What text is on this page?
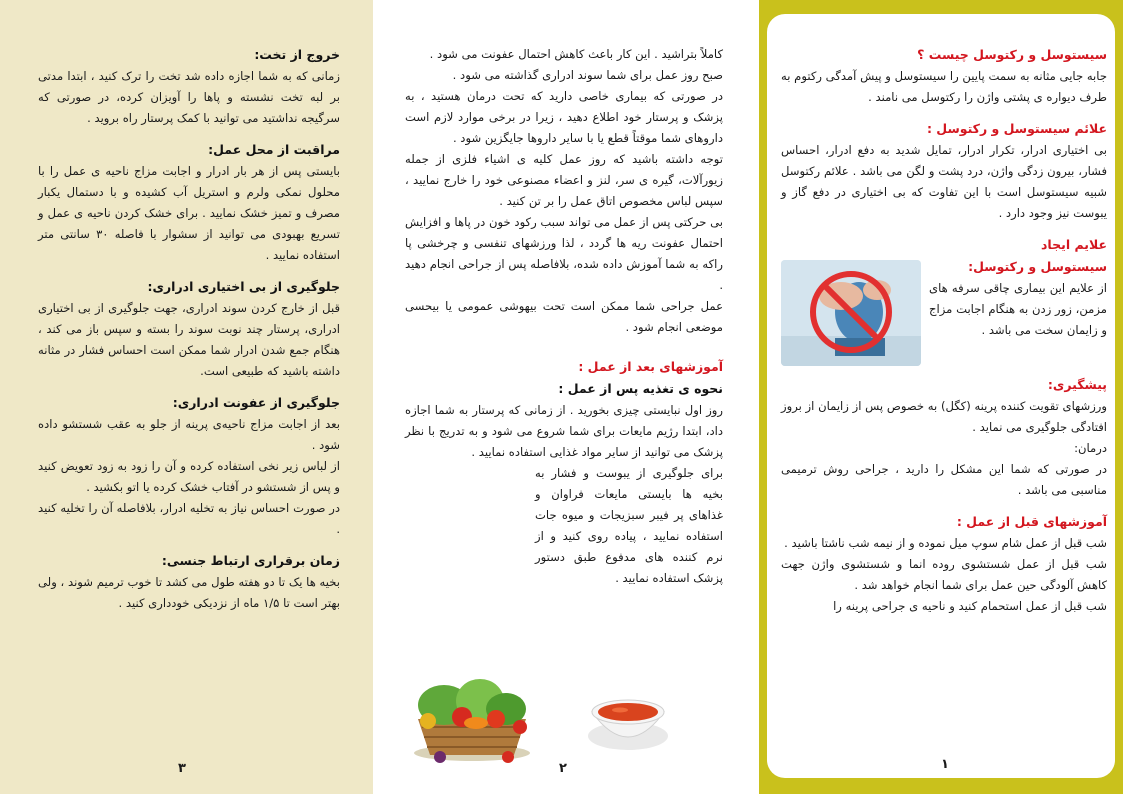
خروج از تخت:

زمانی که به شما اجازه داده شد تخت را ترک کنید ، ابتدا مدتی بر لبه تخت نشسته و پاها را آویزان کرده، در صورتی که سرگیجه نداشتید می توانید با کمک پرستار راه بروید .

مراقبت از محل عمل:

بایستی پس از هر بار ادرار و اجابت مزاج ناحیه ی عمل را با محلول نمکی ولرم و استریل آب کشیده و با دستمال یکبار مصرف و تمیز خشک نمایید . برای خشک کردن ناحیه ی عمل و تسریع بهبودی می توانید از سشوار با فاصله ۳۰ سانتی متر استفاده نمایید .

جلوگیری از بی اختیاری ادراری:

قبل از خارج کردن سوند ادراری، جهت جلوگیری از بی اختیاری ادراری، پرستار چند نوبت سوند را بسته و سپس باز می کند ، هنگام جمع شدن ادرار شما ممکن است احساس فشار در مثانه داشته باشید که طبیعی است.

جلوگیری از عفونت ادراری:

بعد از اجابت مزاج ناحیه‌ی پرینه از جلو به عقب شستشو داده شود .

از لباس زیر نخی استفاده کرده و آن را زود به زود تعویض کنید و پس از شستشو در آفتاب خشک کرده یا اتو بکشید .

در صورت احساس نیاز به تخلیه ادرار، بلافاصله آن را تخلیه کنید .

زمان برقراری ارتباط جنسی:

بخیه ها یک تا دو هفته طول می کشد تا خوب ترمیم شوند ، ولی بهتر است تا ۱/۵ ماه از نزدیکی خودداری کنید .

۳

کاملاً بتراشید . این کار باعث کاهش احتمال عفونت می شود .

صبح روز عمل برای شما سوند ادراری گذاشته می شود .

در صورتی که بیماری خاصی دارید که تحت درمان هستید ، به پزشک و پرستار خود اطلاع دهید ، زیرا در برخی موارد لازم است داروهای شما موقتاً قطع یا با سایر داروها جایگزین شود .

توجه داشته باشید که روز عمل کلیه ی اشیاء فلزی از جمله زیورآلات، گیره ی سر، لنز و اعضاء مصنوعی خود را خارج نمایید ، سپس لباس مخصوص اتاق عمل را بر تن کنید .

بی حرکتی پس از عمل می تواند سبب رکود خون در پاها و افزایش احتمال عفونت ریه ها گردد ، لذا ورزشهای تنفسی و چرخشی پا راکه به شما آموزش داده شده، بلافاصله پس از جراحی انجام دهید .

عمل جراحی شما ممکن است تحت بیهوشی عمومی یا بیحسی موضعی انجام شود .

آموزشهای بعد از عمل :
نحوه ی تغذیه پس از عمل :

روز اول نبایستی چیزی بخورید . از زمانی که پرستار به شما اجازه داد، ابتدا رژیم مایعات برای شما شروع می شود و به تدریج با نظر پزشک می توانید از سایر مواد غذایی استفاده نمایید .

برای جلوگیری از یبوست و فشار به بخیه ها بایستی مایعات فراوان و غذاهای پر فیبر سبزیجات و میوه جات استفاده نمایید ، پیاده روی کنید و از نرم کننده های مدفوع طبق دستور پزشک استفاده نمایید .

۲
سیستوسل و رکتوسل چیست ؟

جابه جایی مثانه به سمت پایین را سیستوسل و پیش آمدگی رکتوم به طرف دیواره ی پشتی واژن را رکتوسل می نامند .

علائم سیستوسل و رکتوسل :

بی اختیاری ادرار، تکرار ادرار، تمایل شدید به دفع ادرار، احساس فشار، بیرون زدگی واژن، درد پشت و لگن می باشد . علائم رکتوسل شبیه سیستوسل است با این تفاوت که بی اختیاری در دفع گاز و یبوست نیز وجود دارد .

علایم ایجاد
سیستوسل و رکتوسل:

از علایم این بیماری چاقی سرفه های مزمن، زور زدن به هنگام اجابت مزاج و زایمان سخت می باشد .

پیشگیری:

ورزشهای تقویت کننده پرینه (کگل) به خصوص پس از زایمان از بروز افتادگی جلوگیری می نماید .

درمان:

در صورتی که شما این مشکل را دارید ، جراحی روش ترمیمی مناسبی می باشد .

آموزشهای قبل از عمل :

شب قبل از عمل شام سوپ میل نموده و از نیمه شب ناشتا باشید .

شب قبل از عمل شستشوی روده انما و شستشوی واژن جهت کاهش آلودگی حین عمل برای شما انجام خواهد شد .

شب قبل از عمل استحمام کنید و ناحیه ی جراحی پرینه را

۱
